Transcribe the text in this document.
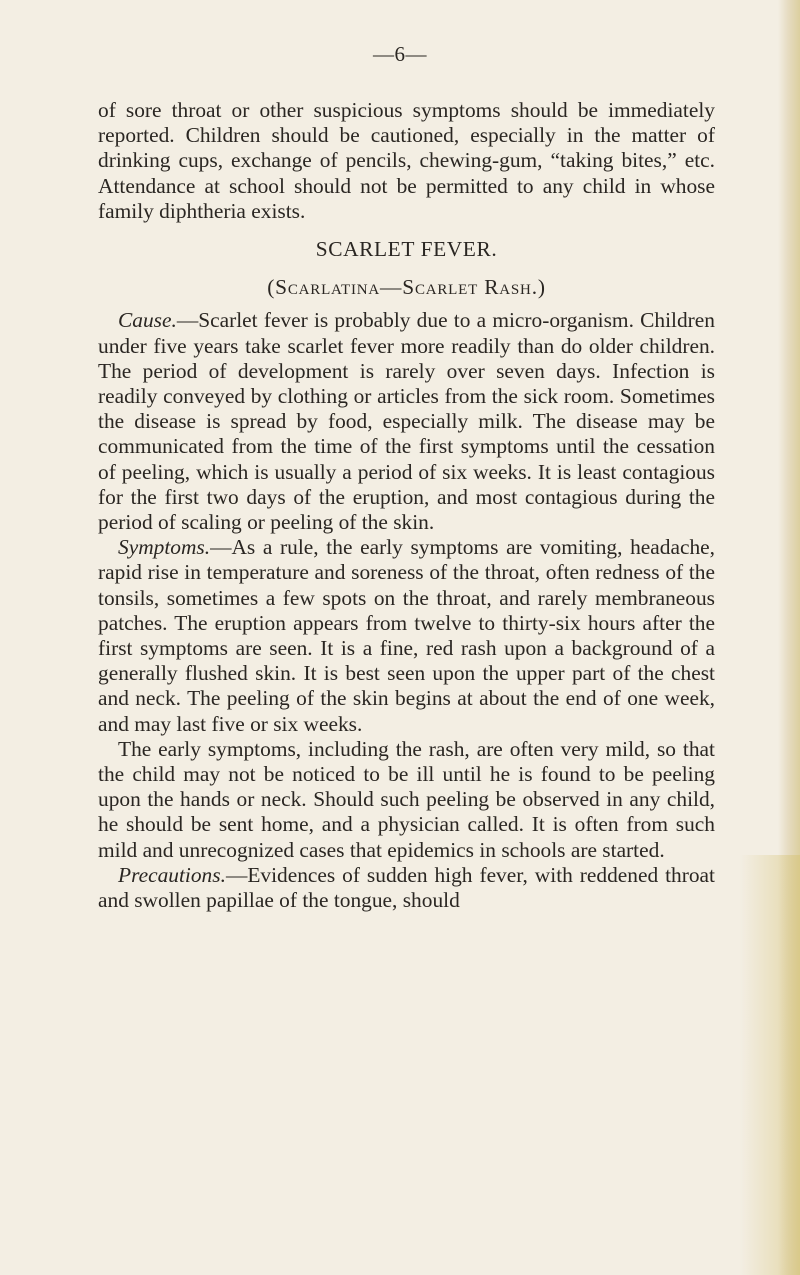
—6—

of sore throat or other suspicious symptoms should be immediately reported. Children should be cautioned, especially in the matter of drinking cups, exchange of pencils, chewing-gum, “taking bites,” etc. Attendance at school should not be permitted to any child in whose family diphtheria exists.

SCARLET FEVER.
(Scarlatina—Scarlet Rash.)

Cause.—Scarlet fever is probably due to a micro-organism. Children under five years take scarlet fever more readily than do older children. The period of development is rarely over seven days. Infection is readily conveyed by clothing or articles from the sick room. Sometimes the disease is spread by food, especially milk. The disease may be communicated from the time of the first symptoms until the cessation of peeling, which is usually a period of six weeks. It is least contagious for the first two days of the eruption, and most contagious during the period of scaling or peeling of the skin.

Symptoms.—As a rule, the early symptoms are vomiting, headache, rapid rise in temperature and soreness of the throat, often redness of the tonsils, sometimes a few spots on the throat, and rarely membraneous patches. The eruption appears from twelve to thirty-six hours after the first symptoms are seen. It is a fine, red rash upon a background of a generally flushed skin. It is best seen upon the upper part of the chest and neck. The peeling of the skin begins at about the end of one week, and may last five or six weeks.

The early symptoms, including the rash, are often very mild, so that the child may not be noticed to be ill until he is found to be peeling upon the hands or neck. Should such peeling be observed in any child, he should be sent home, and a physician called. It is often from such mild and unrecognized cases that epidemics in schools are started.

Precautions.—Evidences of sudden high fever, with reddened throat and swollen papillae of the tongue, should
